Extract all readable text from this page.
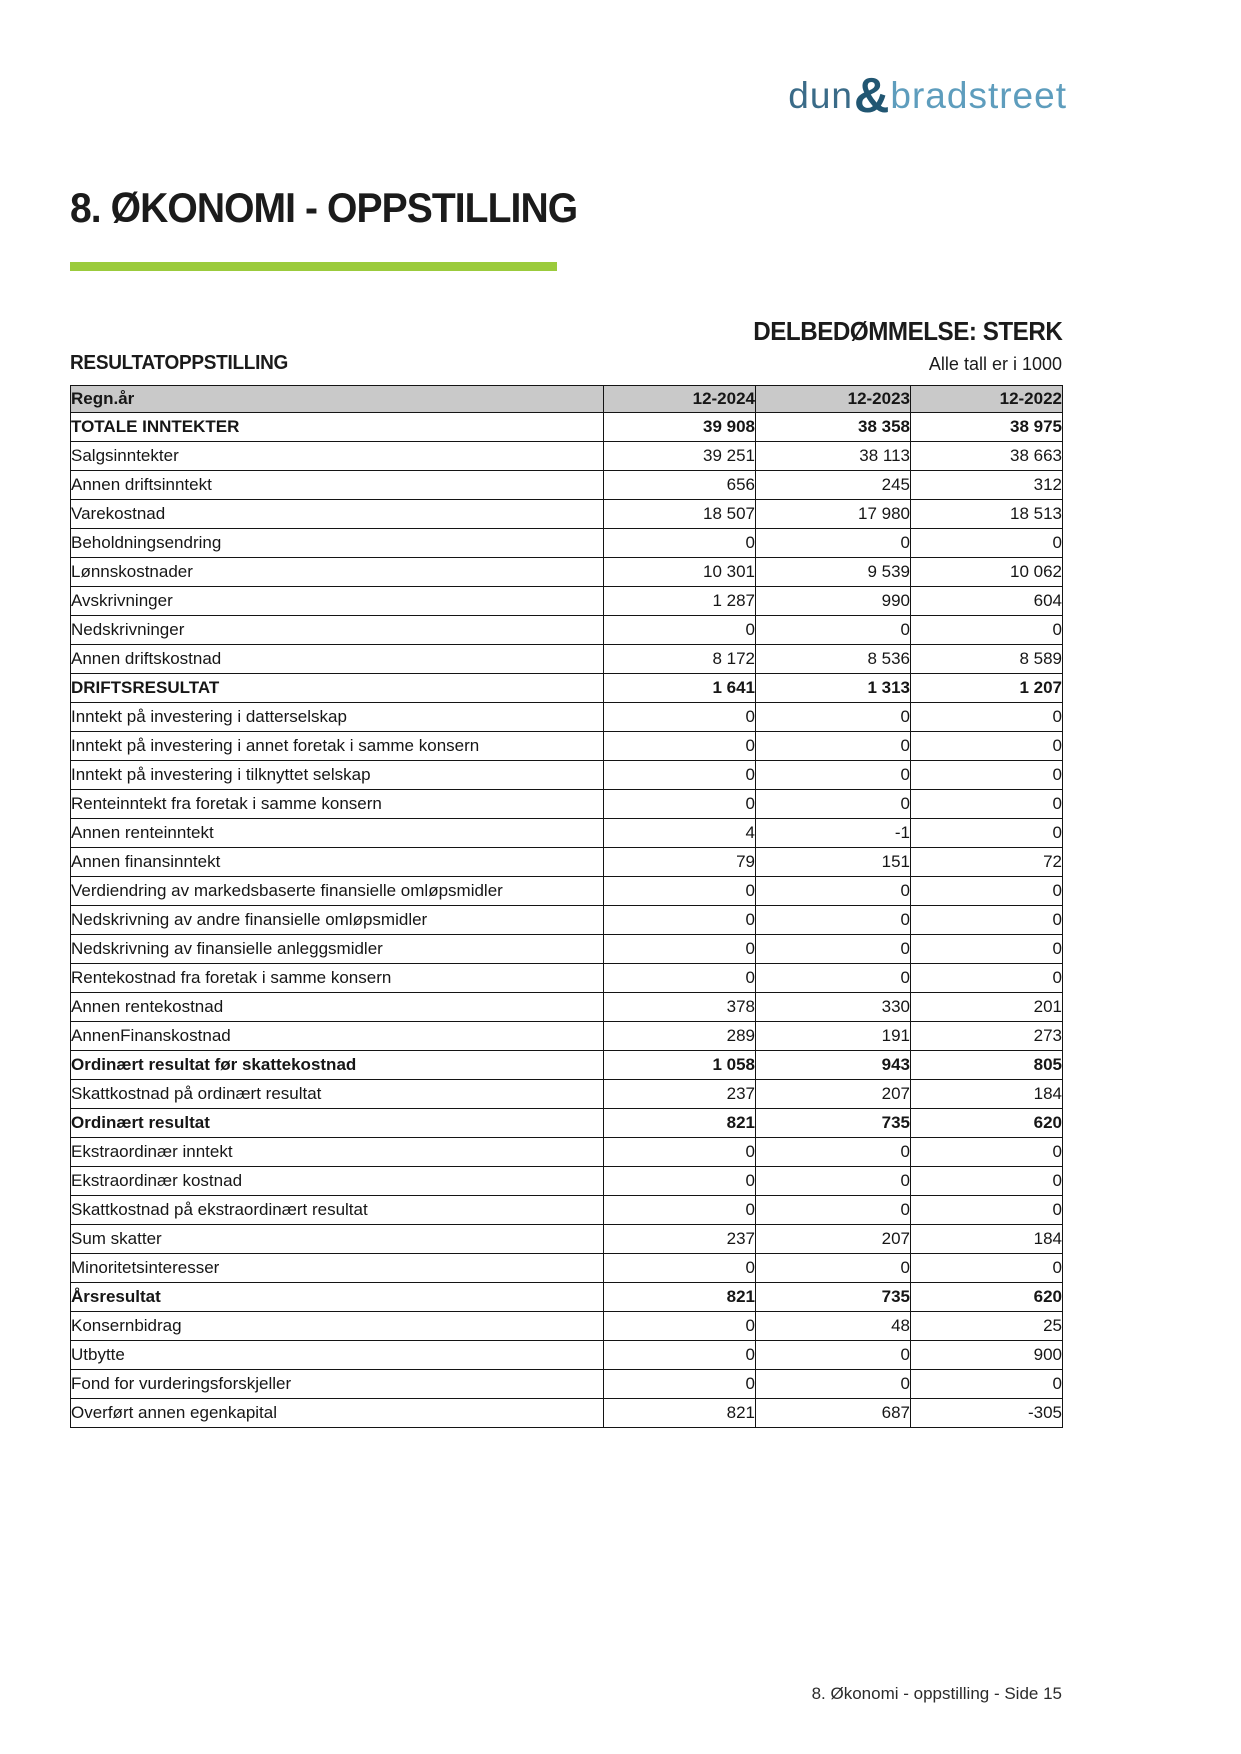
dun & bradstreet
8. ØKONOMI - OPPSTILLING
DELBEDØMMELSE: STERK
RESULTATOPPSTILLING	Alle tall er i 1000
Regn.år	12-2024	12-2023	12-2022
TOTALE INNTEKTER	39 908	38 358	38 975
Salgsinntekter	39 251	38 113	38 663
Annen driftsinntekt	656	245	312
Varekostnad	18 507	17 980	18 513
Beholdningsendring	0	0	0
Lønnskostnader	10 301	9 539	10 062
Avskrivninger	1 287	990	604
Nedskrivninger	0	0	0
Annen driftskostnad	8 172	8 536	8 589
DRIFTSRESULTAT	1 641	1 313	1 207
Inntekt på investering i datterselskap	0	0	0
Inntekt på investering i annet foretak i samme konsern	0	0	0
Inntekt på investering i tilknyttet selskap	0	0	0
Renteinntekt fra foretak i samme konsern	0	0	0
Annen renteinntekt	4	-1	0
Annen finansinntekt	79	151	72
Verdiendring av markedsbaserte finansielle omløpsmidler	0	0	0
Nedskrivning av andre finansielle omløpsmidler	0	0	0
Nedskrivning av finansielle anleggsmidler	0	0	0
Rentekostnad fra foretak i samme konsern	0	0	0
Annen rentekostnad	378	330	201
AnnenFinanskostnad	289	191	273
Ordinært resultat før skattekostnad	1 058	943	805
Skattkostnad på ordinært resultat	237	207	184
Ordinært resultat	821	735	620
Ekstraordinær inntekt	0	0	0
Ekstraordinær kostnad	0	0	0
Skattkostnad på ekstraordinært resultat	0	0	0
Sum skatter	237	207	184
Minoritetsinteresser	0	0	0
Årsresultat	821	735	620
Konsernbidrag	0	48	25
Utbytte	0	0	900
Fond for vurderingsforskjeller	0	0	0
Overført annen egenkapital	821	687	-305
8. Økonomi - oppstilling - Side 15
